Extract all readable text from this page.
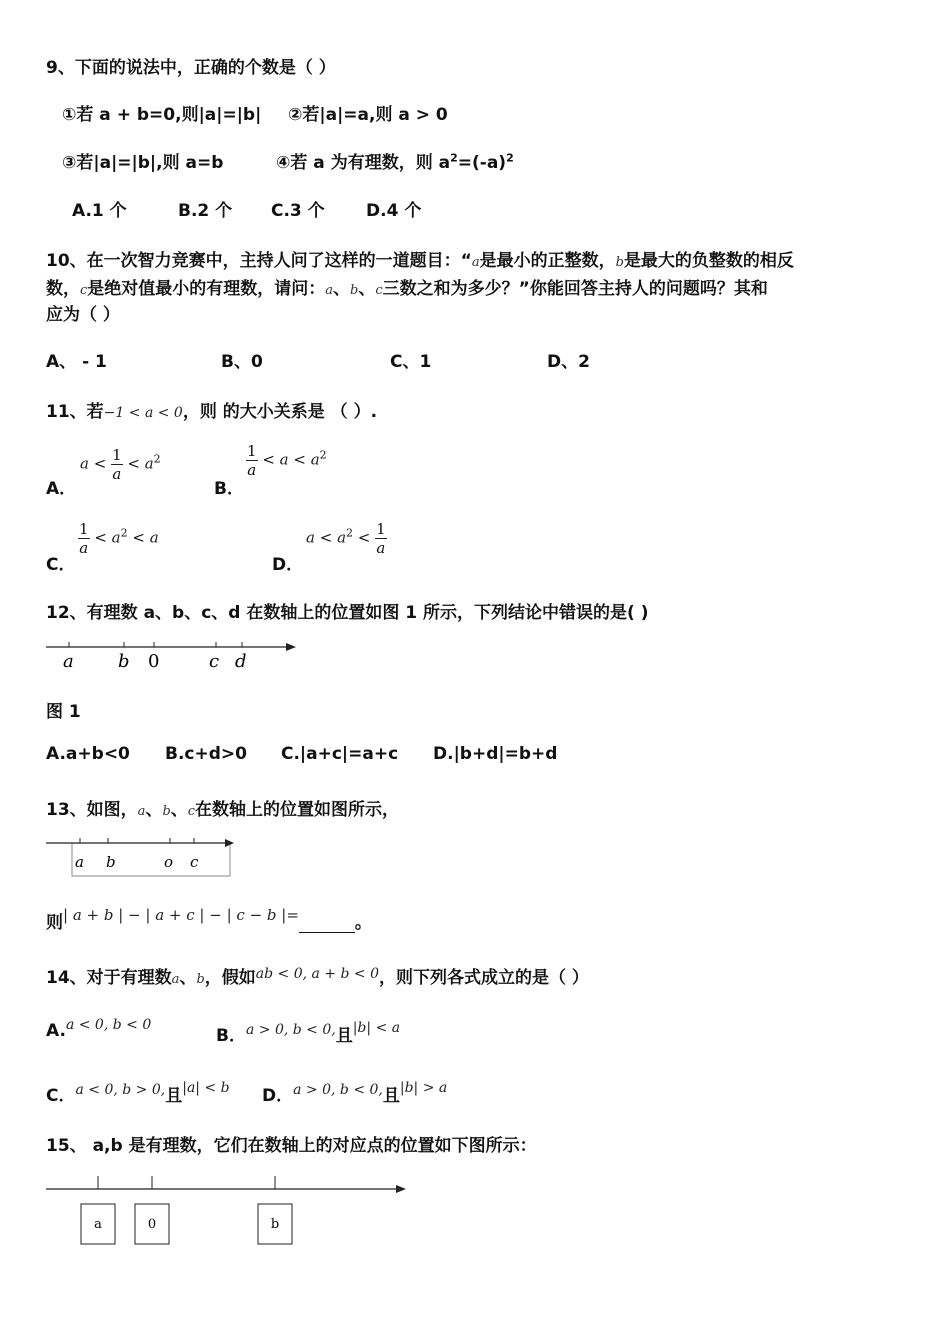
9、下面的说法中，正确的个数是（ ）
①若 a + b=0,则|a|=|b| ②若|a|=a,则 a > 0
③若|a|=|b|,则 a=b	④若 a 为有理数，则 $a^2=(-a)^2$
A.1 个	B.2 个 C.3 个 D.4 个
10、在一次智力竞赛中，主持人问了这样的一道题目：“a是最小的正整数，b是最大的负整数的相反
数，c是绝对值最小的有理数，请问：a、b、c三数之和为多少？”你能回答主持人的问题吗？其和
应为（ ）
A、 - 1	B、0	C、1	D、2
11、若−1 < a < 0，则 的大小关系是 （ ）.
A．
$a < \frac{1}{a} < a^2$
B．
$\frac{1}{a} < a < a^2$
C．
$\frac{1}{a} < a^2 < a$
D．
$a < a^2 < \frac{1}{a}$
12、有理数 a、b、c、d 在数轴上的位置如图 1 所示，下列结论中错误的是( )
a b 0	c d
图 1
A.a+b<0 B.c+d>0 C.|a+c|=a+c D.|b+d|=b+d
13、如图，a、b、c在数轴上的位置如图所示，
a b	o c
则| a + b | − | a + c | − | c − b |=	。
14、对于有理数a、b，假如$^{ab < 0, a + b < 0}$，则下列各式成立的是（ ）
A.$^{a < 0, b < 0}$
B．$^{a > 0, b < 0,}$且$^{|b| < a}$
C．$^{a < 0, b > 0,}$且$^{|a| < b}$ D．$^{a > 0, b < 0,}$且$^{|b| > a}$
15、 a,b 是有理数，它们在数轴上的对应点的位置如下图所示：
a	0	b
